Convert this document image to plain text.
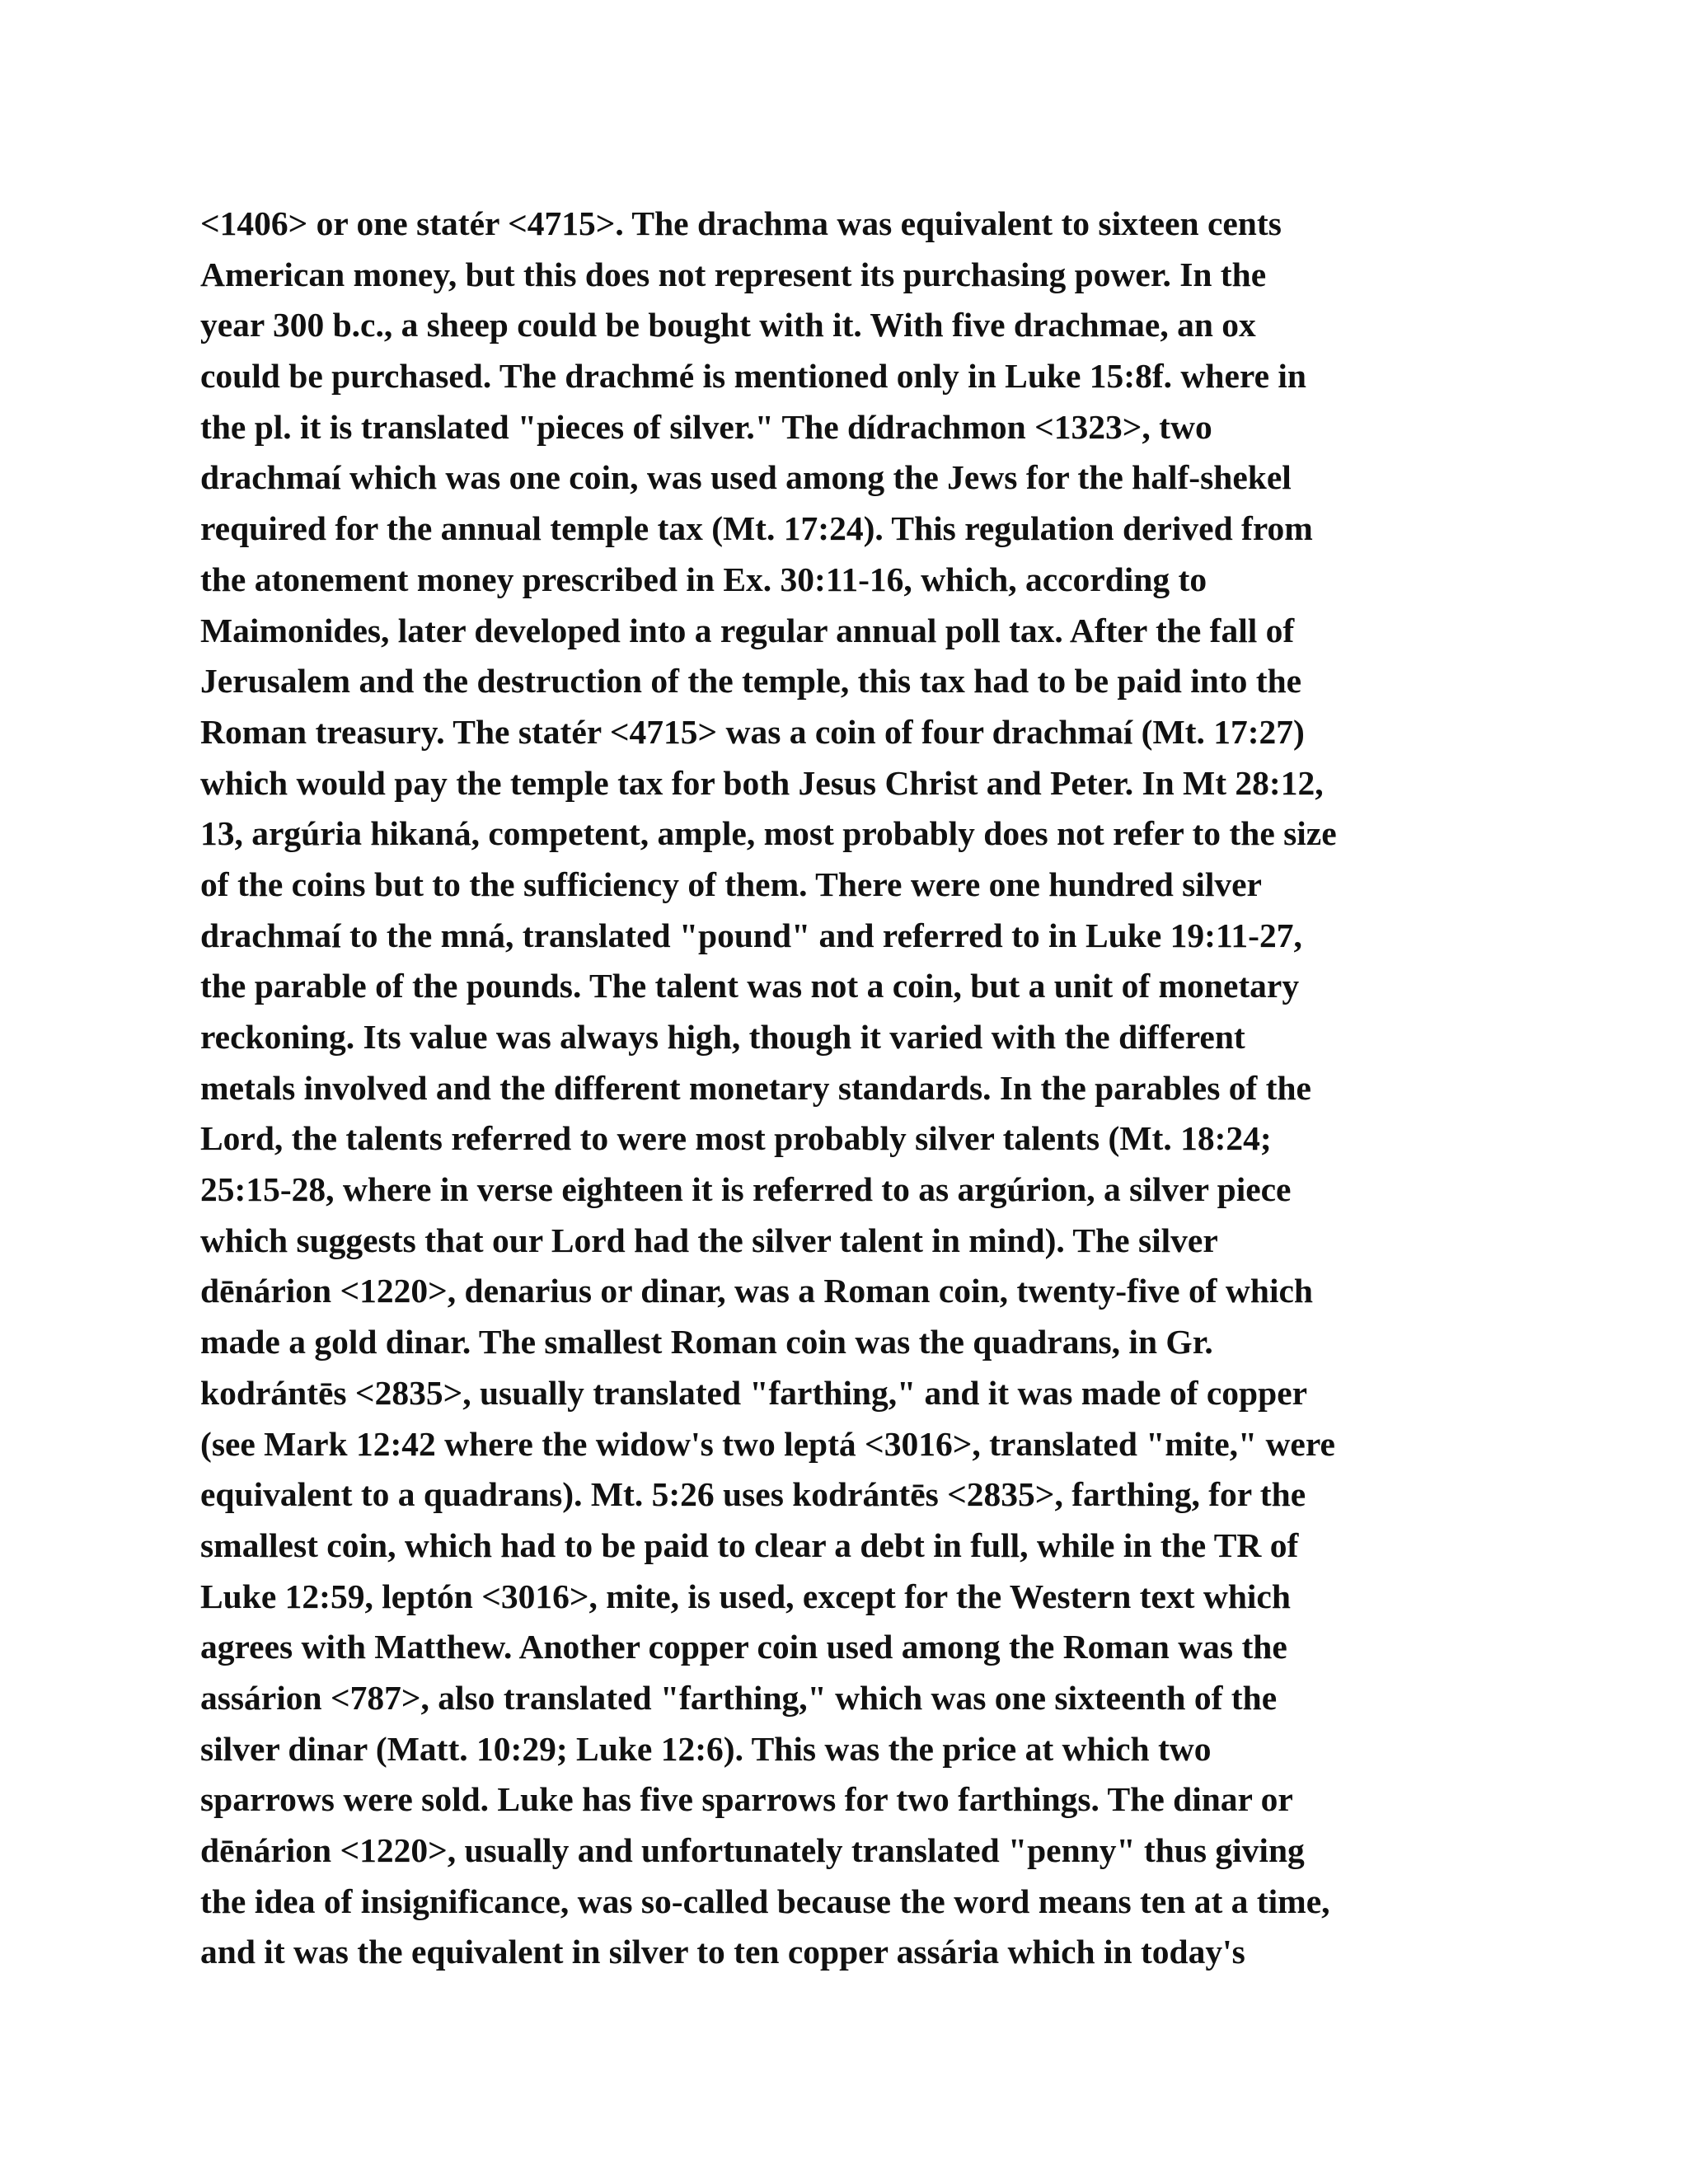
<1406> or one statér <4715>. The drachma was equivalent to sixteen cents
American money, but this does not represent its purchasing power. In the
year 300 b.c., a sheep could be bought with it. With five drachmae, an ox
could be purchased. The drachmé is mentioned only in Luke 15:8f. where in
the pl. it is translated "pieces of silver." The dídrachmon <1323>, two
drachmaí which was one coin, was used among the Jews for the half-shekel
required for the annual temple tax (Mt. 17:24). This regulation derived from
the atonement money prescribed in Ex. 30:11-16, which, according to
Maimonides, later developed into a regular annual poll tax. After the fall of
Jerusalem and the destruction of the temple, this tax had to be paid into the
Roman treasury. The statér <4715> was a coin of four drachmaí (Mt. 17:27)
which would pay the temple tax for both Jesus Christ and Peter. In Mt 28:12,
13, argúria hikaná, competent, ample, most probably does not refer to the size
of the coins but to the sufficiency of them. There were one hundred silver
drachmaí to the mná, translated "pound" and referred to in Luke 19:11-27,
the parable of the pounds. The talent was not a coin, but a unit of monetary
reckoning. Its value was always high, though it varied with the different
metals involved and the different monetary standards. In the parables of the
Lord, the talents referred to were most probably silver talents (Mt. 18:24;
25:15-28, where in verse eighteen it is referred to as argúrion, a silver piece
which suggests that our Lord had the silver talent in mind). The silver
dēnárion <1220>, denarius or dinar, was a Roman coin, twenty-five of which
made a gold dinar. The smallest Roman coin was the quadrans, in Gr.
kodrántēs <2835>, usually translated "farthing," and it was made of copper
(see Mark 12:42 where the widow's two leptá <3016>, translated "mite," were
equivalent to a quadrans). Mt. 5:26 uses kodrántēs <2835>, farthing, for the
smallest coin, which had to be paid to clear a debt in full, while in the TR of
Luke 12:59, leptón <3016>, mite, is used, except for the Western text which
agrees with Matthew. Another copper coin used among the Roman was the
assárion <787>, also translated "farthing," which was one sixteenth of the
silver dinar (Matt. 10:29; Luke 12:6). This was the price at which two
sparrows were sold. Luke has five sparrows for two farthings. The dinar or
dēnárion <1220>, usually and unfortunately translated "penny" thus giving
the idea of insignificance, was so-called because the word means ten at a time,
and it was the equivalent in silver to ten copper assária which in today's
